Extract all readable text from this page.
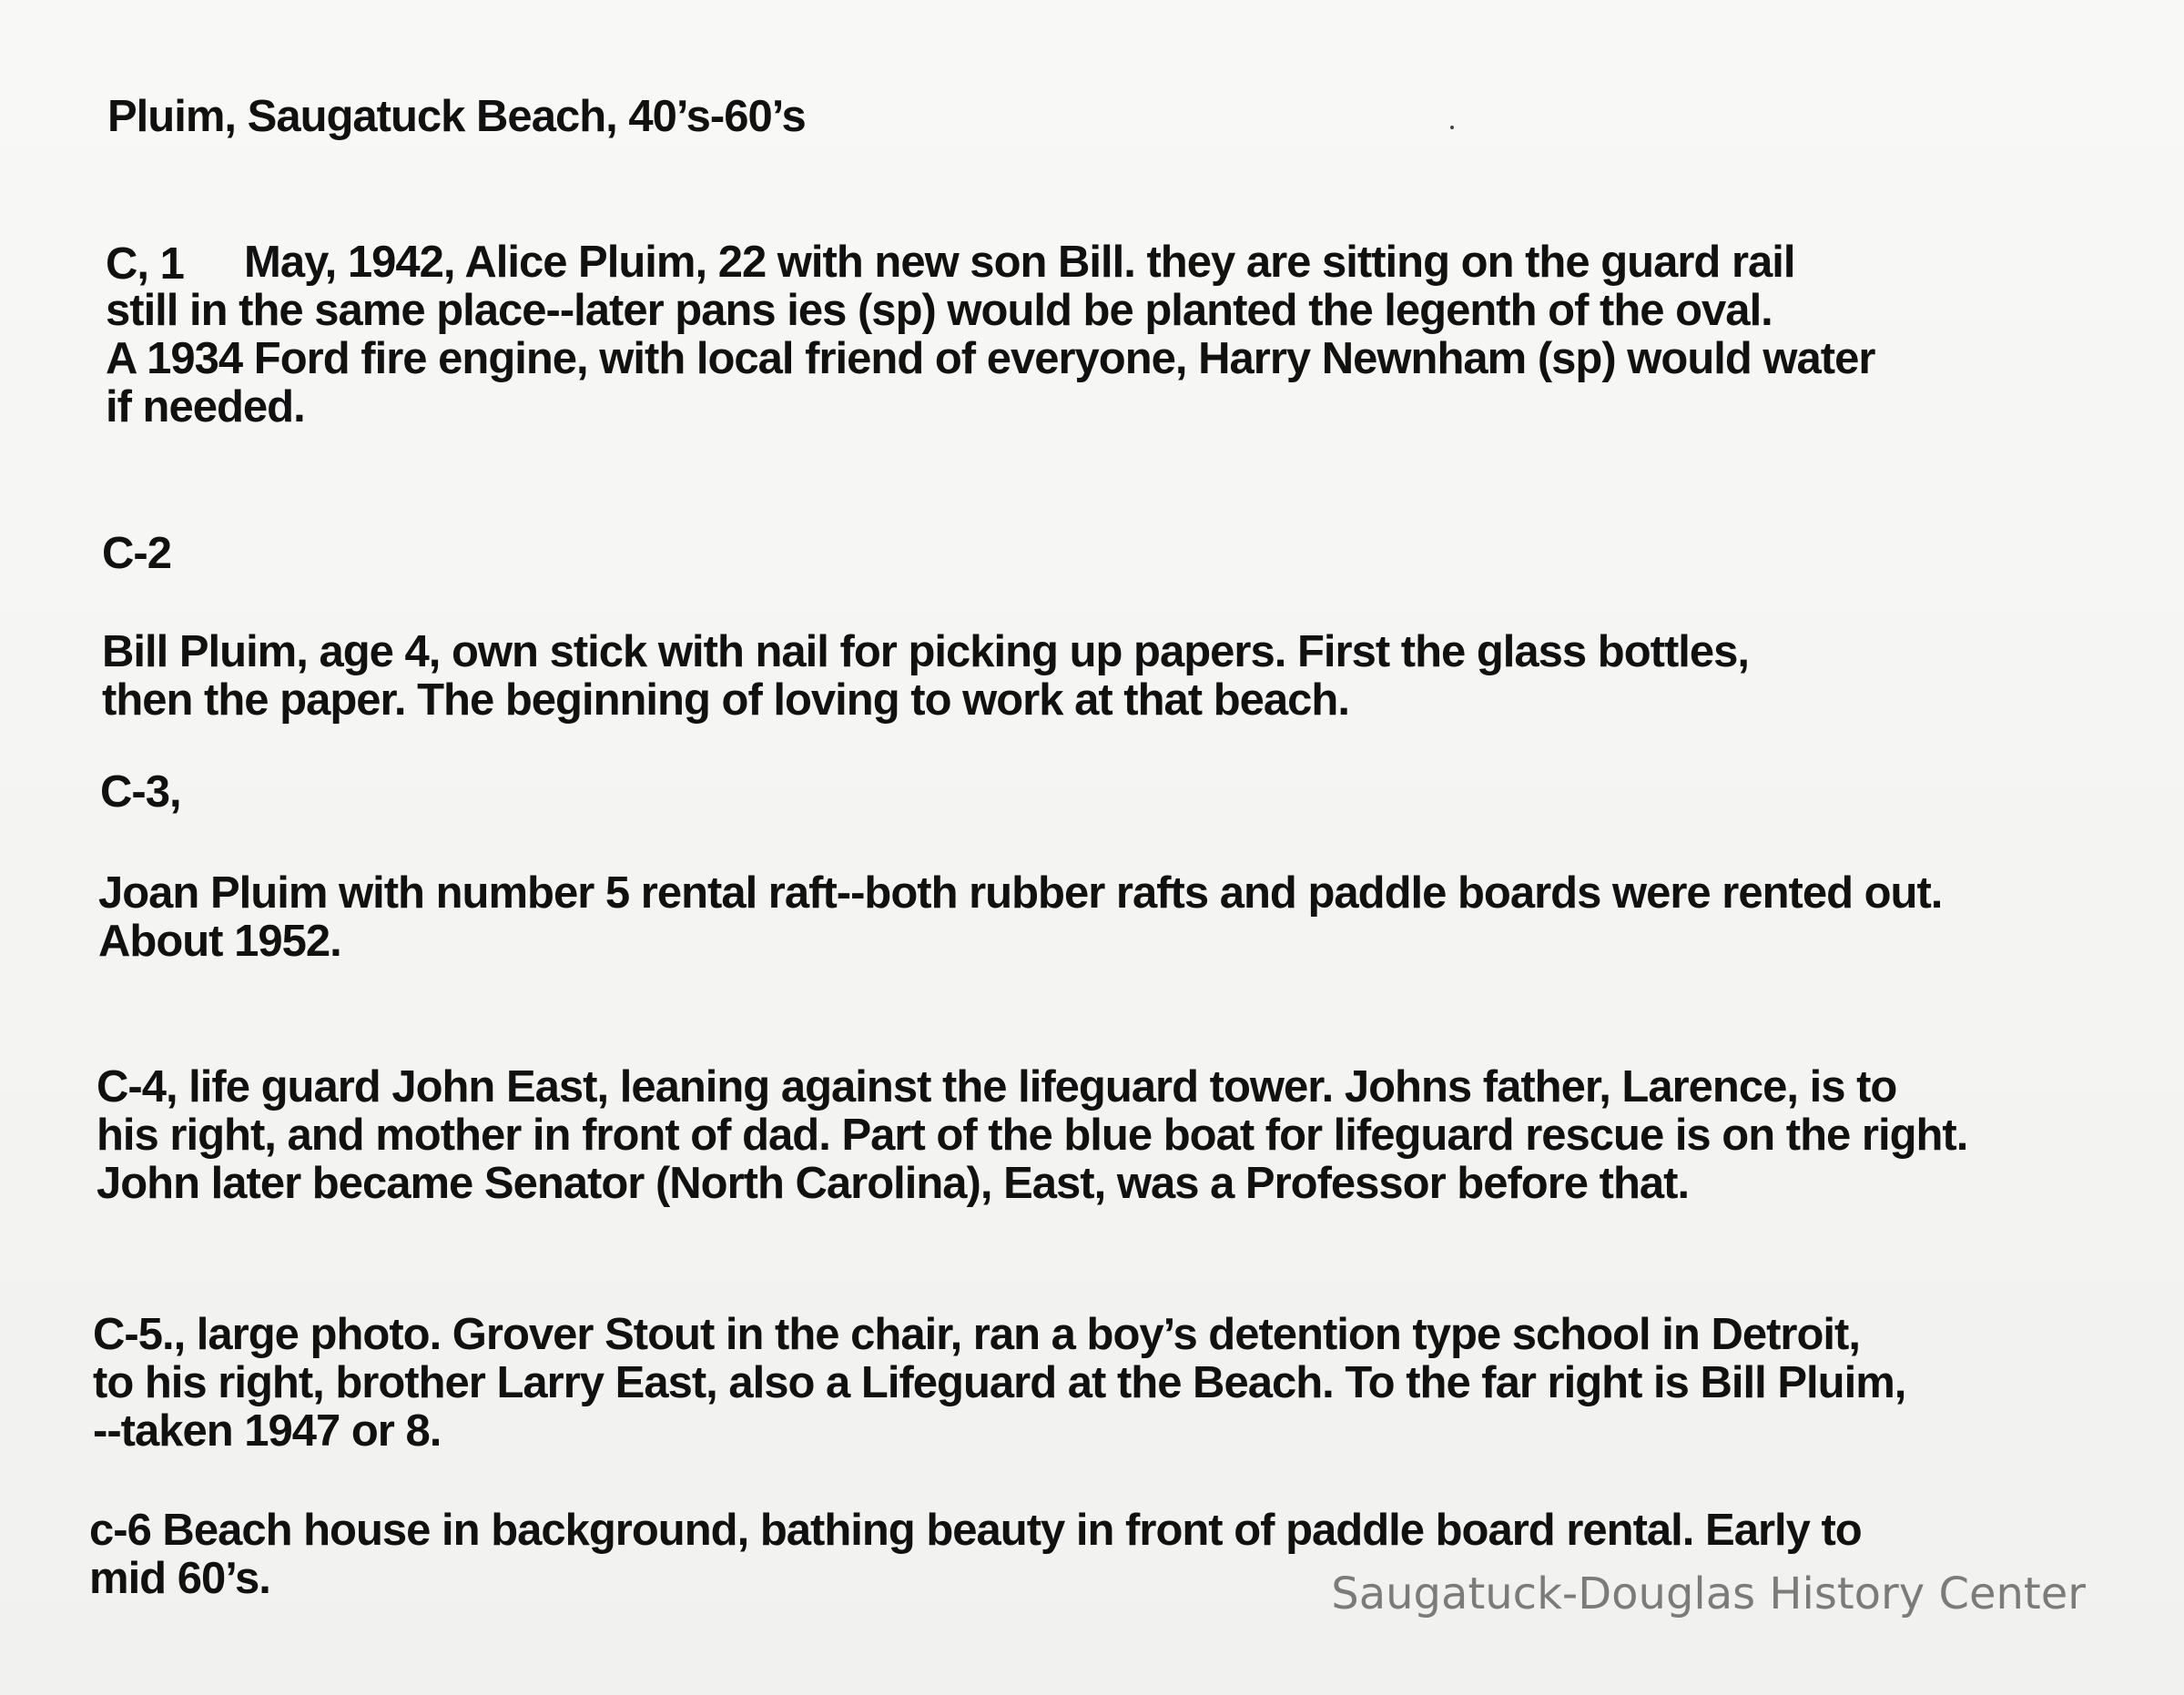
Pluim, Saugatuck Beach, 40’s-60’s
C, 1	May, 1942, Alice Pluim, 22 with new son Bill. they are sitting on the guard rail
still in the same place--later pans ies (sp) would be planted the legenth of the oval.
A 1934 Ford fire engine, with local friend of everyone, Harry Newnham (sp) would water
if needed.
C-2
Bill Pluim, age 4, own stick with nail for picking up papers. First the glass bottles,
then the paper. The beginning of loving to work at that beach.
C-3,
Joan Pluim with number 5 rental raft--both rubber rafts and paddle boards were rented out.
About 1952.
C-4, life guard John East, leaning against the lifeguard tower. Johns father, Larence, is to
his right, and mother in front of dad. Part of the blue boat for lifeguard rescue is on the right.
John later became Senator (North Carolina), East, was a Professor before that.
C-5., large photo. Grover Stout in the chair, ran a boy’s detention type school in Detroit,
to his right, brother Larry East, also a Lifeguard at the Beach. To the far right is Bill Pluim,
--taken 1947 or 8.
c-6 Beach house in background, bathing beauty in front of paddle board rental. Early to
mid 60’s.	Saugatuck-Douglas History Center
